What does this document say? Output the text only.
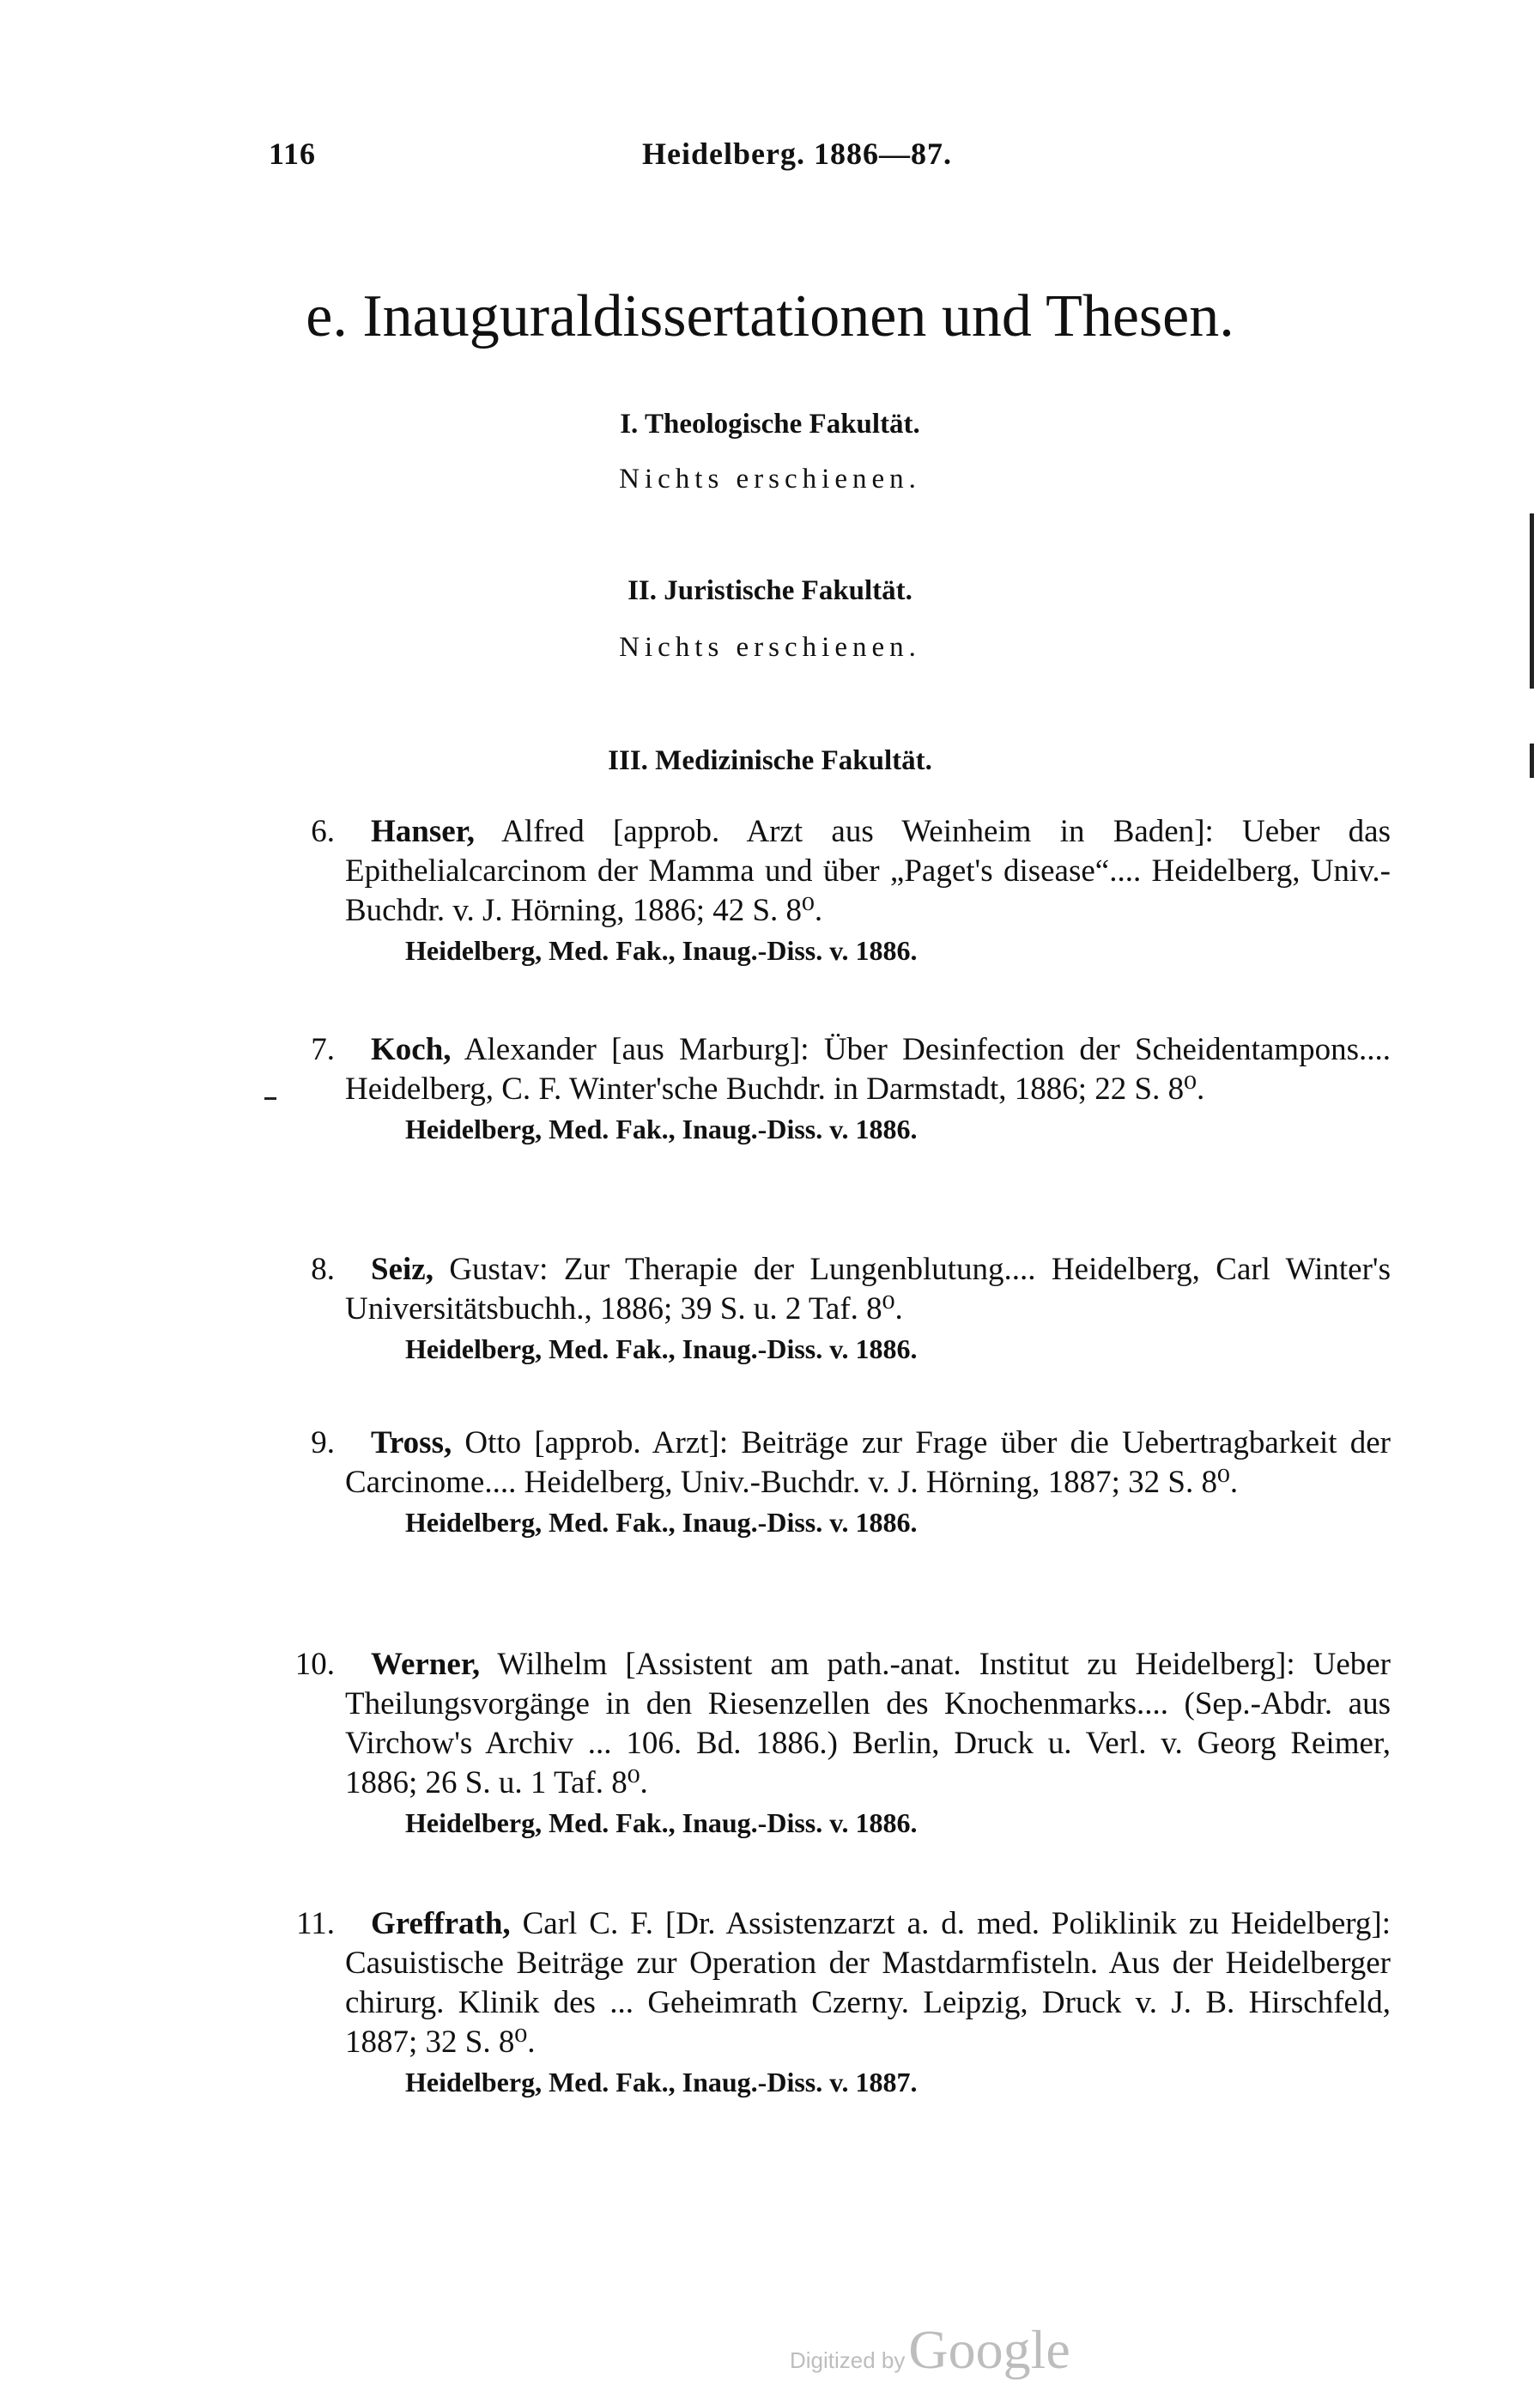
116	Heidelberg. 1886—87.
e. Inauguraldissertationen und Thesen.
I. Theologische Fakultät.
Nichts erschienen.
II. Juristische Fakultät.
Nichts erschienen.
III. Medizinische Fakultät.
6.	Hanser, Alfred [approb. Arzt aus Weinheim in Baden]: Ueber das Epithelialcarcinom der Mamma und über „Paget's disease“.... Heidelberg, Univ.-Buchdr. v. J. Hörning, 1886; 42 S. 8⁰.
Heidelberg, Med. Fak., Inaug.-Diss. v. 1886.
7.	Koch, Alexander [aus Marburg]: Über Desinfection der Scheidentampons.... Heidelberg, C. F. Winter'sche Buchdr. in Darmstadt, 1886; 22 S. 8⁰.
Heidelberg, Med. Fak., Inaug.-Diss. v. 1886.
8.	Seiz, Gustav: Zur Therapie der Lungenblutung.... Heidelberg, Carl Winter's Universitätsbuchh., 1886; 39 S. u. 2 Taf. 8⁰.
Heidelberg, Med. Fak., Inaug.-Diss. v. 1886.
9.	Tross, Otto [approb. Arzt]: Beiträge zur Frage über die Uebertragbarkeit der Carcinome.... Heidelberg, Univ.-Buchdr. v. J. Hörning, 1887; 32 S. 8⁰.
Heidelberg, Med. Fak., Inaug.-Diss. v. 1886.
10.	Werner, Wilhelm [Assistent am path.-anat. Institut zu Heidelberg]: Ueber Theilungsvorgänge in den Riesenzellen des Knochenmarks.... (Sep.-Abdr. aus Virchow's Archiv ... 106. Bd. 1886.) Berlin, Druck u. Verl. v. Georg Reimer, 1886; 26 S. u. 1 Taf. 8⁰.
Heidelberg, Med. Fak., Inaug.-Diss. v. 1886.
11.	Greffrath, Carl C. F. [Dr. Assistenzarzt a. d. med. Poliklinik zu Heidelberg]: Casuistische Beiträge zur Operation der Mastdarmfisteln. Aus der Heidelberger chirurg. Klinik des ... Geheimrath Czerny. Leipzig, Druck v. J. B. Hirschfeld, 1887; 32 S. 8⁰.
Heidelberg, Med. Fak., Inaug.-Diss. v. 1887.
Digitized by Google
